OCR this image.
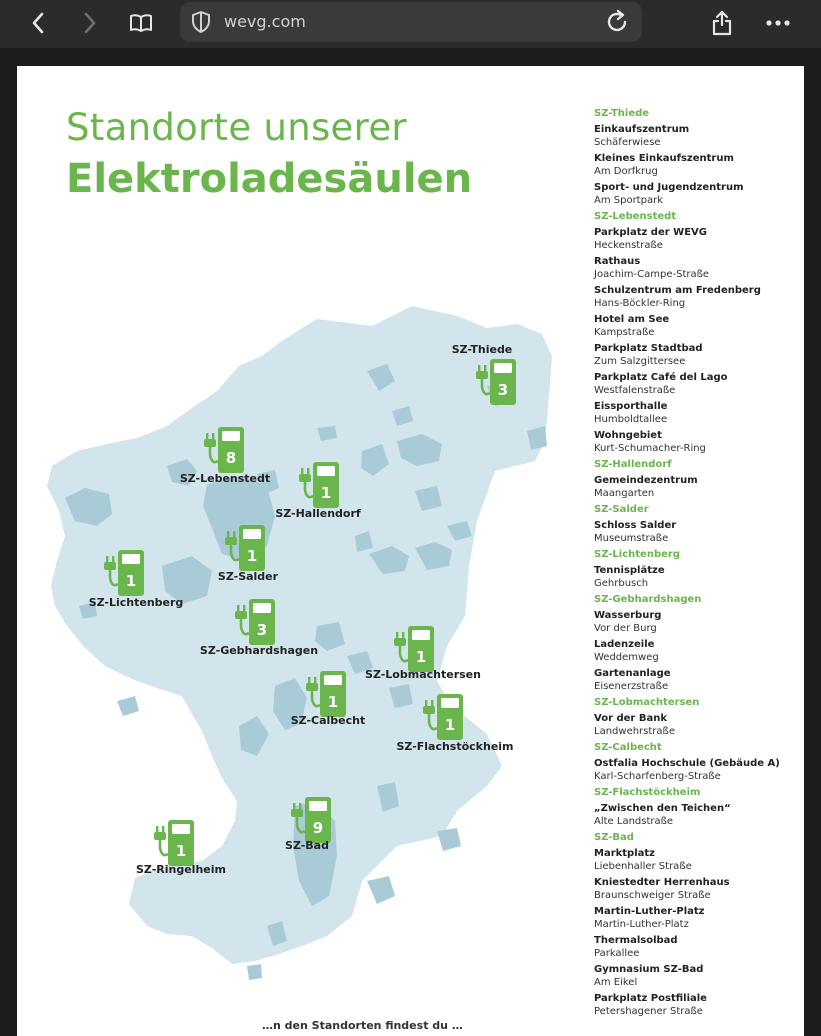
wevg.com
Standorte unserer
Elektroladesäulen
3
SZ-Thiede
8
SZ-Lebenstedt
1
SZ-Hallendorf
1
SZ-Salder
1
SZ-Lichtenberg
3
SZ-Gebhardshagen	1
SZ-Lobmachtersen
1
SZ-Calbecht	1
SZ-Flachstöckheim
9
SZ-Bad
1
SZ-Ringelheim
SZ-Thiede
Einkaufszentrum
Schäferwiese
Kleines Einkaufszentrum
Am Dorfkrug
Sport- und Jugendzentrum
Am Sportpark
SZ-Lebenstedt
Parkplatz der WEVG
Heckenstraße
Rathaus
Joachim-Campe-Straße
Schulzentrum am Fredenberg
Hans-Böckler-Ring
Hotel am See
Kampstraße
Parkplatz Stadtbad
Zum Salzgittersee
Parkplatz Café del Lago
Westfalenstraße
Eissporthalle
Humboldtallee
Wohngebiet
Kurt-Schumacher-Ring
SZ-Hallendorf
Gemeindezentrum
Maangarten
SZ-Salder
Schloss Salder
Museumstraße
SZ-Lichtenberg
Tennisplätze
Gehrbusch
SZ-Gebhardshagen
Wasserburg
Vor der Burg
Ladenzeile
Weddemweg
Gartenanlage
Eisenerzstraße
SZ-Lobmachtersen
Vor der Bank
Landwehrstraße
SZ-Calbecht
Ostfalia Hochschule (Gebäude A)
Karl-Scharfenberg-Straße
SZ-Flachstöckheim
„Zwischen den Teichen“
Alte Landstraße
SZ-Bad
Marktplatz
Liebenhaller Straße
Kniestedter Herrenhaus
Braunschweiger Straße
Martin-Luther-Platz
Martin-Luther-Platz
Thermalsolbad
Parkallee
Gymnasium SZ-Bad
Am Eikel
Parkplatz Postfiliale
Petershagener Straße
…n den Standorten findest du …
